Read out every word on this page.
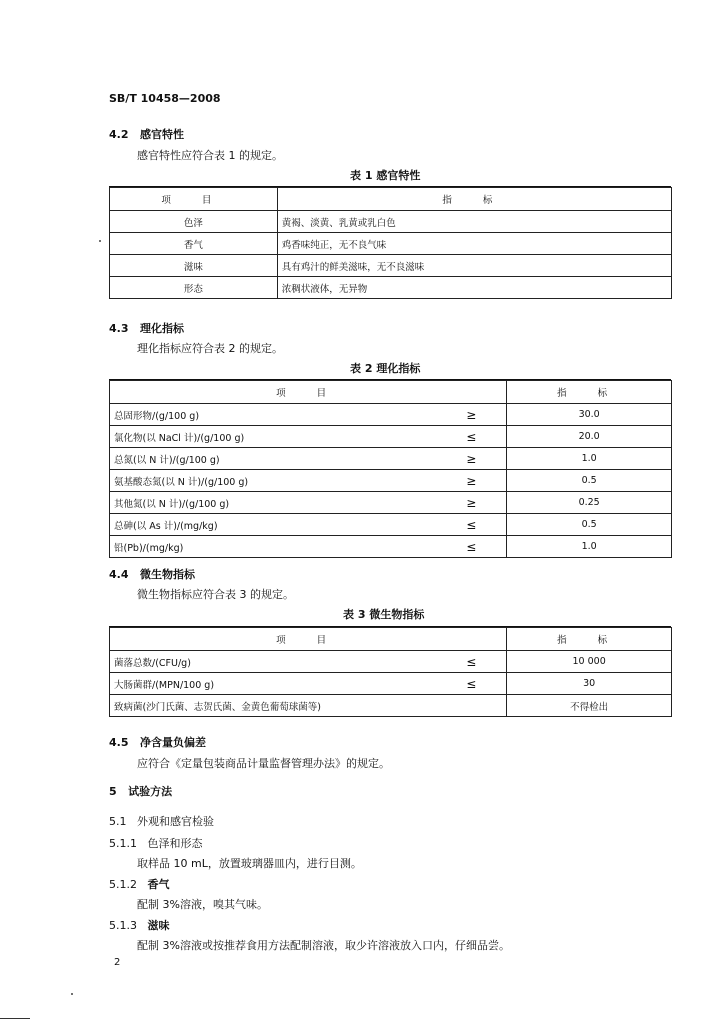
SB/T 10458—2008
4.2 感官特性
感官特性应符合表 1 的规定。
表 1 感官特性
项 目	指 标
色泽	黄褐、淡黄、乳黄或乳白色
香气	鸡香味纯正，无不良气味
滋味	具有鸡汁的鲜美滋味，无不良滋味
形态	浓稠状液体，无异物
4.3 理化指标
理化指标应符合表 2 的规定。
表 2 理化指标
项 目		指 标
总固形物/(g/100 g)	≥	30.0
氯化物(以 NaCl 计)/(g/100 g)	≤	20.0
总氮(以 N 计)/(g/100 g)	≥	1.0
氨基酸态氮(以 N 计)/(g/100 g)	≥	0.5
其他氮(以 N 计)/(g/100 g)	≥	0.25
总砷(以 As 计)/(mg/kg)	≤	0.5
铅(Pb)/(mg/kg)	≤	1.0
4.4 微生物指标
微生物指标应符合表 3 的规定。
表 3 微生物指标
项 目		指 标
菌落总数/(CFU/g)	≤	10 000
大肠菌群/(MPN/100 g)	≤	30
致病菌(沙门氏菌、志贺氏菌、金黄色葡萄球菌等)		不得检出
4.5 净含量负偏差
应符合《定量包装商品计量监督管理办法》的规定。
5 试验方法
5.1 外观和感官检验
5.1.1 色泽和形态
取样品 10 mL，放置玻璃器皿内，进行目测。
5.1.2 香气
配制 3%溶液，嗅其气味。
5.1.3 滋味
配制 3%溶液或按推荐食用方法配制溶液，取少许溶液放入口内，仔细品尝。
2
